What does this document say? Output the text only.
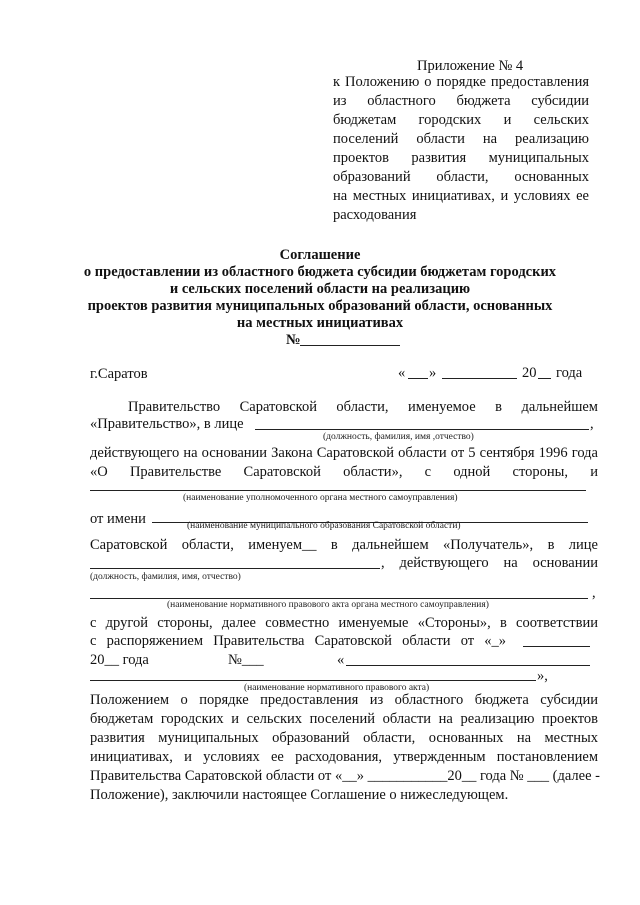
Приложение № 4
к Положению о порядке предоставления
из областного бюджета субсидии
бюджетам городских и сельских
поселений области на реализацию
проектов развития муниципальных
образований области, основанных
на местных инициативах, и условиях ее
расходования
Соглашение
о предоставлении из областного бюджета субсидии бюджетам городских
и сельских поселений области на реализацию
проектов развития муниципальных образований области, основанных
на местных инициативах
№
г.Саратов	« »	20 года
Правительство Саратовской области, именуемое в дальнейшем
«Правительство», в лице	,
(должность, фамилия, имя ,отчество)
действующего на основании Закона Саратовской области от 5 сентября 1996 года
«О Правительстве Саратовской области», с одной стороны, и
(наименование уполномоченного органа местного самоуправления)
от имени	(наименование муниципального образования Саратовской области)
Саратовской области, именуем__ в дальнейшем «Получатель», в лице
, действующего на основании
(должность, фамилия, имя, отчество)
,
(наименование нормативного правового акта органа местного самоуправления)
с другой стороны, далее совместно именуемые «Стороны», в соответствии
с распоряжением Правительства Саратовской области от «_»
20__ года	№___	«
»,
(наименование нормативного правового акта)
Положением о порядке предоставления из областного бюджета субсидии
бюджетам городских и сельских поселений области на реализацию проектов
развития муниципальных образований области, основанных на местных
инициативах, и условиях ее расходования, утвержденным постановлением
Правительства Саратовской области от «__» ___________20__ года № ___ (далее -
Положение), заключили настоящее Соглашение о нижеследующем.
